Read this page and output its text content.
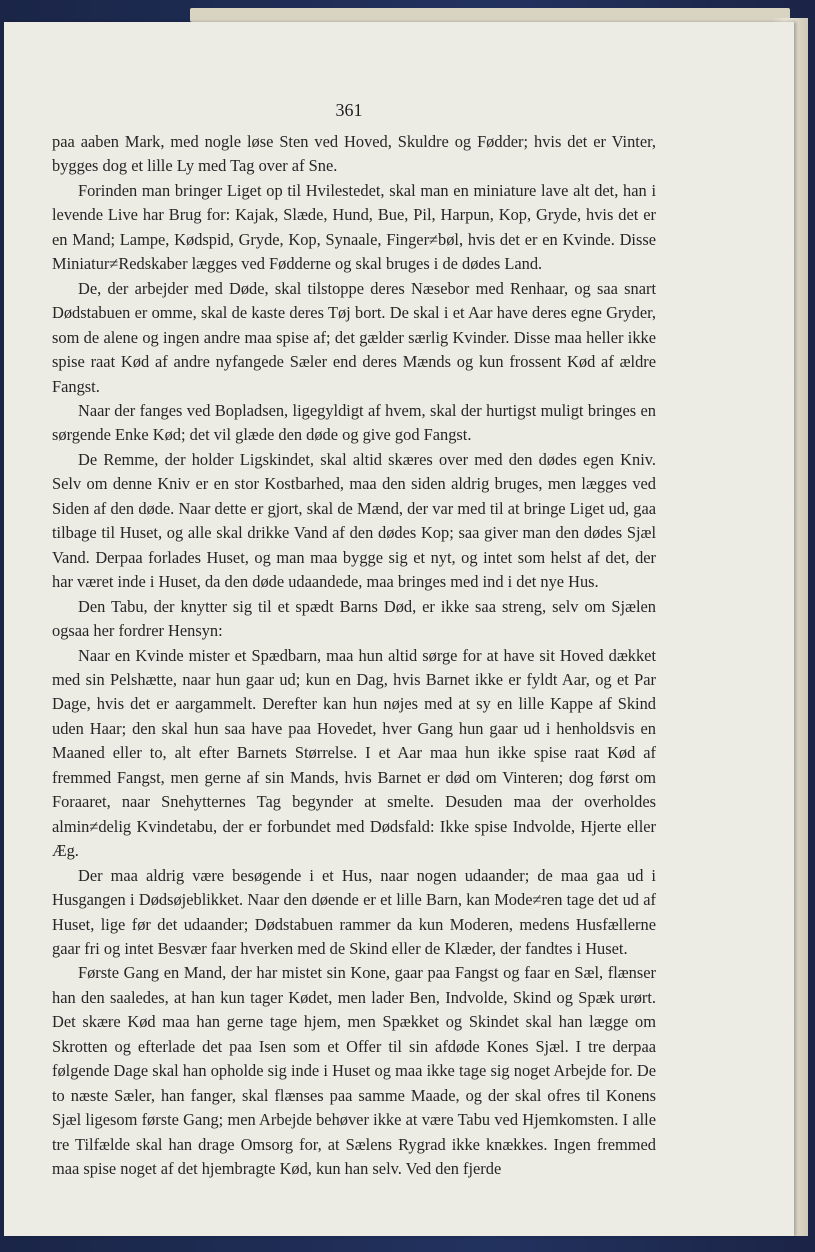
361

paa aaben Mark, med nogle løse Sten ved Hoved, Skuldre og Fødder; hvis det er Vinter, bygges dog et lille Ly med Tag over af Sne.

Forinden man bringer Liget op til Hvilestedet, skal man en miniature lave alt det, han i levende Live har Brug for: Kajak, Slæde, Hund, Bue, Pil, Harpun, Kop, Gryde, hvis det er en Mand; Lampe, Kødspid, Gryde, Kop, Synaale, Finger≠bøl, hvis det er en Kvinde. Disse Miniatur≠Redskaber lægges ved Fødderne og skal bruges i de dødes Land.

De, der arbejder med Døde, skal tilstoppe deres Næsebor med Renhaar, og saa snart Dødstabuen er omme, skal de kaste deres Tøj bort. De skal i et Aar have deres egne Gryder, som de alene og ingen andre maa spise af; det gælder særlig Kvinder. Disse maa heller ikke spise raat Kød af andre nyfangede Sæler end deres Mænds og kun frossent Kød af ældre Fangst.

Naar der fanges ved Bopladsen, ligegyldigt af hvem, skal der hurtigst muligt bringes en sørgende Enke Kød; det vil glæde den døde og give god Fangst.

De Remme, der holder Ligskindet, skal altid skæres over med den dødes egen Kniv. Selv om denne Kniv er en stor Kostbarhed, maa den siden aldrig bruges, men lægges ved Siden af den døde. Naar dette er gjort, skal de Mænd, der var med til at bringe Liget ud, gaa tilbage til Huset, og alle skal drikke Vand af den dødes Kop; saa giver man den dødes Sjæl Vand. Derpaa forlades Huset, og man maa bygge sig et nyt, og intet som helst af det, der har været inde i Huset, da den døde udaandede, maa bringes med ind i det nye Hus.

Den Tabu, der knytter sig til et spædt Barns Død, er ikke saa streng, selv om Sjælen ogsaa her fordrer Hensyn:

Naar en Kvinde mister et Spædbarn, maa hun altid sørge for at have sit Hoved dækket med sin Pelshætte, naar hun gaar ud; kun en Dag, hvis Barnet ikke er fyldt Aar, og et Par Dage, hvis det er aargammelt. Derefter kan hun nøjes med at sy en lille Kappe af Skind uden Haar; den skal hun saa have paa Hovedet, hver Gang hun gaar ud i henholdsvis en Maaned eller to, alt efter Barnets Størrelse. I et Aar maa hun ikke spise raat Kød af fremmed Fangst, men gerne af sin Mands, hvis Barnet er død om Vinteren; dog først om Foraaret, naar Snehytternes Tag begynder at smelte. Desuden maa der overholdes almin≠delig Kvindetabu, der er forbundet med Dødsfald: Ikke spise Indvolde, Hjerte eller Æg.

Der maa aldrig være besøgende i et Hus, naar nogen udaander; de maa gaa ud i Husgangen i Dødsøjeblikket. Naar den døende er et lille Barn, kan Mode≠ren tage det ud af Huset, lige før det udaander; Dødstabuen rammer da kun Moderen, medens Husfællerne gaar fri og intet Besvær faar hverken med de Skind eller de Klæder, der fandtes i Huset.

Første Gang en Mand, der har mistet sin Kone, gaar paa Fangst og faar en Sæl, flænser han den saaledes, at han kun tager Kødet, men lader Ben, Indvolde, Skind og Spæk urørt. Det skære Kød maa han gerne tage hjem, men Spækket og Skindet skal han lægge om Skrotten og efterlade det paa Isen som et Offer til sin afdøde Kones Sjæl. I tre derpaa følgende Dage skal han opholde sig inde i Huset og maa ikke tage sig noget Arbejde for. De to næste Sæler, han fanger, skal flænses paa samme Maade, og der skal ofres til Konens Sjæl ligesom første Gang; men Arbejde behøver ikke at være Tabu ved Hjemkomsten. I alle tre Tilfælde skal han drage Omsorg for, at Sælens Rygrad ikke knækkes. Ingen fremmed maa spise noget af det hjembragte Kød, kun han selv. Ved den fjerde
